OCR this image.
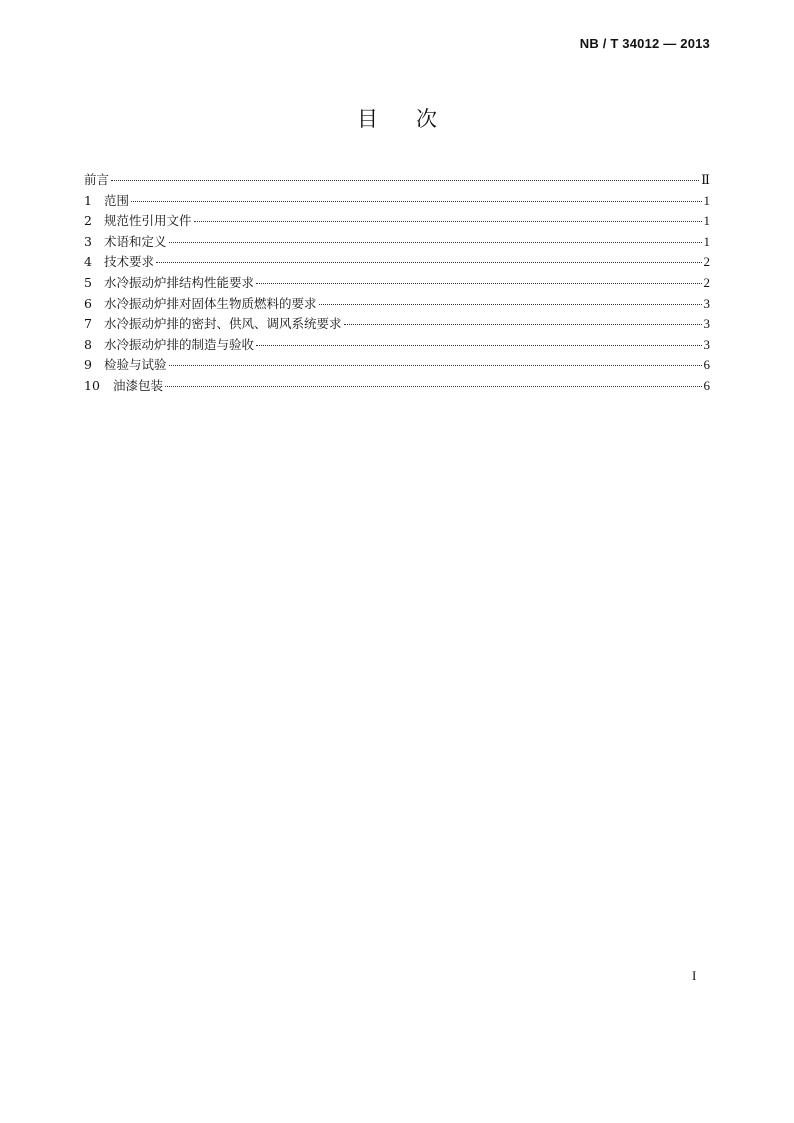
NB / T 34012 — 2013
目 次
前言	Ⅱ
1 范围	1
2 规范性引用文件	1
3 术语和定义	1
4 技术要求	2
5 水冷振动炉排结构性能要求	2
6 水冷振动炉排对固体生物质燃料的要求	3
7 水冷振动炉排的密封、供风、调风系统要求	3
8 水冷振动炉排的制造与验收	3
9 检验与试验	6
10	油漆包装	6
I
